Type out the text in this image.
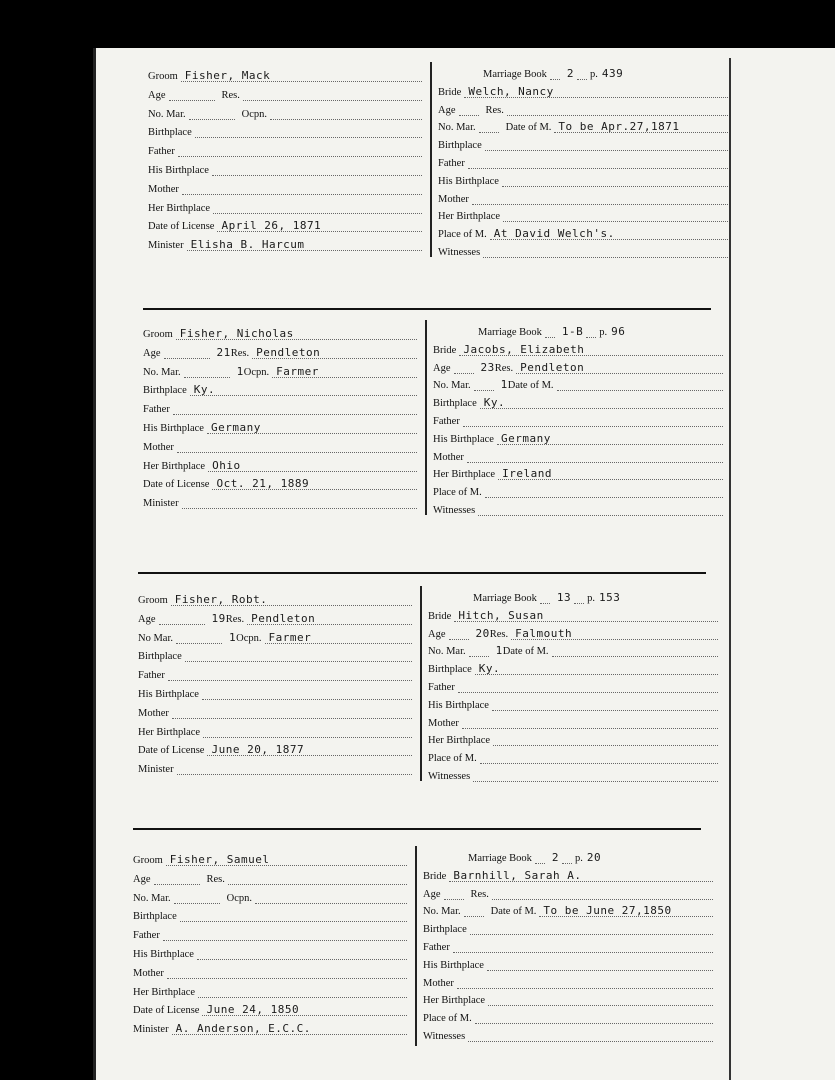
Groom Fisher, Mack
Age	Res.
No. Mar.	Ocpn.
Birthplace
Father
His Birthplace
Mother
Her Birthplace
Date of License April 26, 1871
Minister Elisha B. Harcum
Marriage Book 2 p. 439
Bride Welch, Nancy
Age	Res.
No. Mar.	Date of M. To be Apr.27,1871
Birthplace
Father
His Birthplace
Mother
Her Birthplace
Place of M. At David Welch's.
Witnesses
Groom Fisher, Nicholas
Age	21 Res. Pendleton
No. Mar.	1 Ocpn. Farmer
Birthplace Ky.
Father
His Birthplace Germany
Mother
Her Birthplace Ohio
Date of License Oct. 21, 1889
Minister
Marriage Book 1-B p. 96
Bride Jacobs, Elizabeth
Age	23 Res. Pendleton
No. Mar.	1 Date of M.
Birthplace Ky.
Father
His Birthplace Germany
Mother
Her Birthplace Ireland
Place of M.
Witnesses
Groom Fisher, Robt.
Age	19 Res. Pendleton
No Mar.	1 Ocpn. Farmer
Birthplace
Father
His Birthplace
Mother
Her Birthplace
Date of License June 20, 1877
Minister
Marriage Book 13 p. 153
Bride Hitch, Susan
Age	20 Res. Falmouth
No. Mar.	1 Date of M.
Birthplace Ky.
Father
His Birthplace
Mother
Her Birthplace
Place of M.
Witnesses
Groom Fisher, Samuel
Age	Res.
No. Mar.	Ocpn.
Birthplace
Father
His Birthplace
Mother
Her Birthplace
Date of License June 24, 1850
Minister A. Anderson, E.C.C.
Marriage Book 2 p. 20
Bride Barnhill, Sarah A.
Age	Res.
No. Mar.	Date of M. To be June 27,1850
Birthplace
Father
His Birthplace
Mother
Her Birthplace
Place of M.
Witnesses
